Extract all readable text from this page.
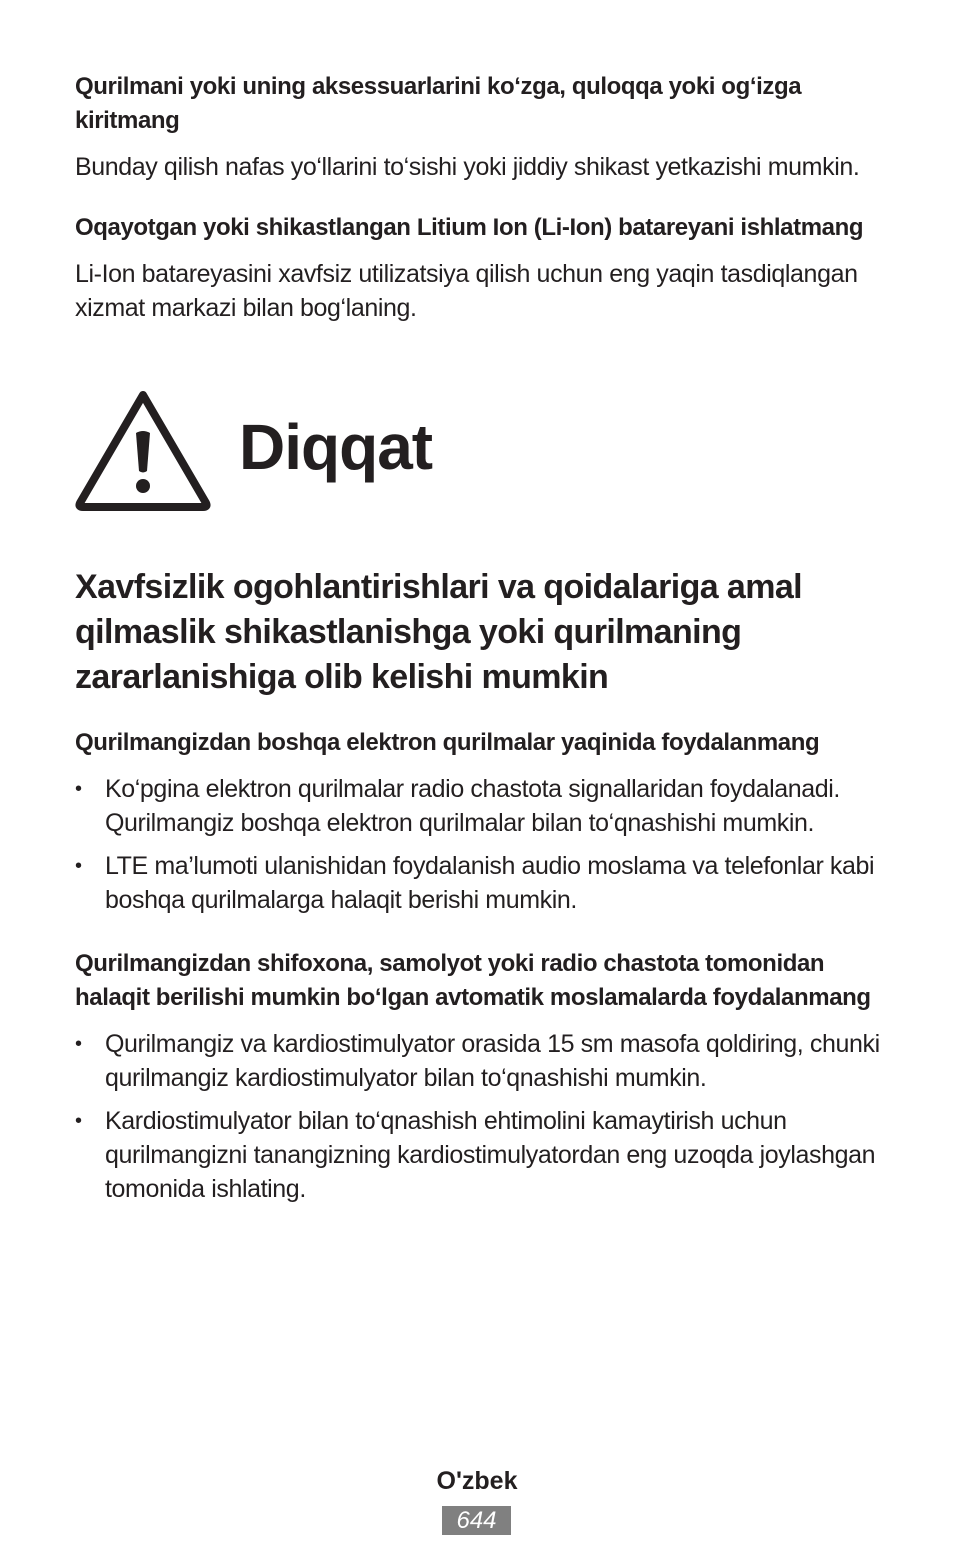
Qurilmani yoki uning aksessuarlarini ko‘zga, quloqqa yoki og‘izga kiritmang

Bunday qilish nafas yo‘llarini to‘sishi yoki jiddiy shikast yetkazishi mumkin.

Oqayotgan yoki shikastlangan Litium Ion (Li-Ion) batareyani ishlatmang

Li-Ion batareyasini xavfsiz utilizatsiya qilish uchun eng yaqin tasdiqlangan xizmat markazi bilan bog‘laning.

Diqqat
Xavfsizlik ogohlantirishlari va qoidalariga amal qilmaslik shikastlanishga yoki qurilmaning zararlanishiga olib kelishi mumkin

Qurilmangizdan boshqa elektron qurilmalar yaqinida foydalanmang

• Ko‘pgina elektron qurilmalar radio chastota signallaridan foydalanadi. Qurilmangiz boshqa elektron qurilmalar bilan to‘qnashishi mumkin.
• LTE ma’lumoti ulanishidan foydalanish audio moslama va telefonlar kabi boshqa qurilmalarga halaqit berishi mumkin.

Qurilmangizdan shifoxona, samolyot yoki radio chastota tomonidan halaqit berilishi mumkin bo‘lgan avtomatik moslamalarda foydalanmang

• Qurilmangiz va kardiostimulyator orasida 15 sm masofa qoldiring, chunki qurilmangiz kardiostimulyator bilan to‘qnashishi mumkin.
• Kardiostimulyator bilan to‘qnashish ehtimolini kamaytirish uchun qurilmangizni tanangizning kardiostimulyatordan eng uzoqda joylashgan tomonida ishlating.
O'zbek
644
